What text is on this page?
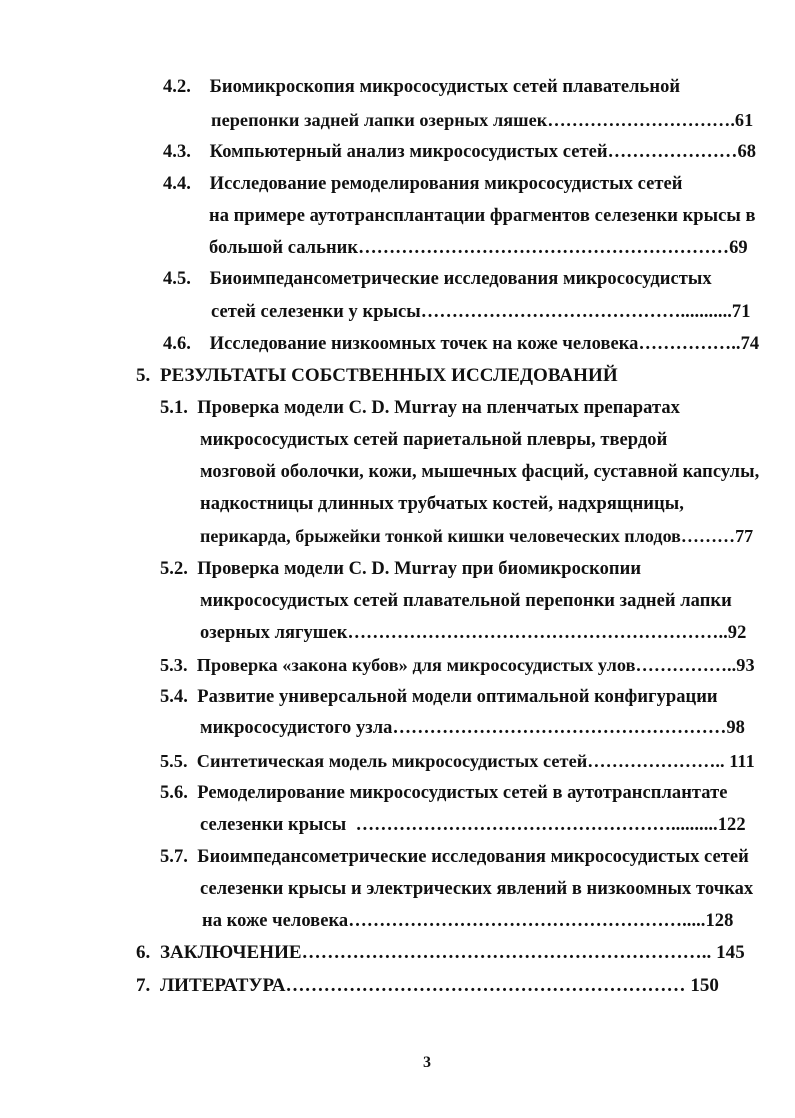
4.2.    Биомикроскопия микрососудистых сетей плавательной
перепонки задней лапки озерных ляшек………………………….61
4.3.    Компьютерный анализ микрососудистых сетей…………………68
4.4.    Исследование ремоделирования микрососудистых сетей
на примере аутотрансплантации фрагментов селезенки крысы в
большой сальник……………………………………………………69
4.5.    Биоимпедансометрические исследования микрососудистых
сетей селезенки у крысы……………………………………...........71
4.6.    Исследование низкоомных точек на коже человека……………..74
5.  РЕЗУЛЬТАТЫ СОБСТВЕННЫХ ИССЛЕДОВАНИЙ
5.1.  Проверка модели C. D. Murray на пленчатых препаратах
микрососудистых сетей париетальной плевры, твердой
мозговой оболочки, кожи, мышечных фасций, суставной капсулы,
надкостницы длинных трубчатых костей, надхрящницы,
перикарда, брыжейки тонкой кишки человеческих плодов………77
5.2.  Проверка модели C. D. Murray при биомикроскопии
микрососудистых сетей плавательной перепонки задней лапки
озерных лягушек……………………………………………………..92
5.3.  Проверка «закона кубов» для микрососудистых улов……………..93
5.4.  Развитие универсальной модели оптимальной конфигурации
микрососудистого узла………………………………………………98
5.5.  Синтетическая модель микрососудистых сетей………………….. 111
5.6.  Ремоделирование микрососудистых сетей в аутотрансплантате
селезенки крысы  ……………………………………………..........122
5.7.  Биоимпедансометрические исследования микрососудистых сетей
селезенки крысы и электрических явлений в низкоомных точках
на коже человека……………………………………………….....128
6.  ЗАКЛЮЧЕНИЕ……………………………………………………….. 145
7.  ЛИТЕРАТУРА……………………………………………………… 150
3
